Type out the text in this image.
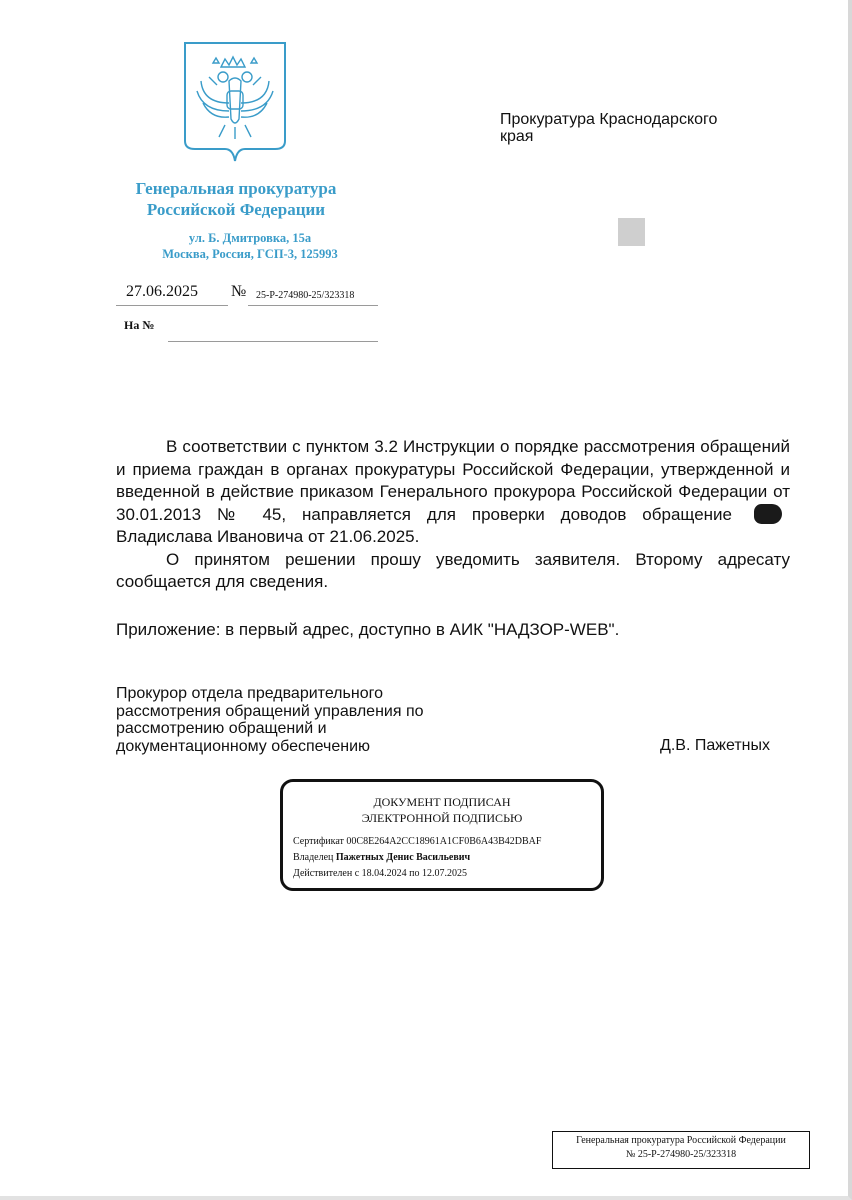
Генеральная прокуратура
Российской Федерации
ул. Б. Дмитровка, 15а
Москва, Россия, ГСП-3, 125993
27.06.2025 № 25-Р-274980-25/323318
На №
Прокуратура Краснодарского
края

В соответствии с пунктом 3.2 Инструкции о порядке рассмотрения обращений и приема граждан в органах прокуратуры Российской Федерации, утвержденной и введенной в действие приказом Генерального прокурора Российской Федерации от 30.01.2013 № 45, направляется для проверки доводов обращениеВладислава Ивановича от 21.06.2025.

О принятом решении прошу уведомить заявителя. Второму адресату сообщается для сведения.

Приложение: в первый адрес, доступно в АИК "НАДЗОР-WEB".
Прокурор отдела предварительного
рассмотрения обращений управления по
рассмотрению обращений и
документационному обеспечению	Д.В. Пажетных
ДОКУМЕНТ ПОДПИСАН
ЭЛЕКТРОННОЙ ПОДПИСЬЮ
Сертификат 00C8E264A2CC18961A1CF0B6A43B42DBAF
Владелец Пажетных Денис Васильевич
Действителен с 18.04.2024 по 12.07.2025
Генеральная прокуратура Российской Федерации
№ 25-Р-274980-25/323318
